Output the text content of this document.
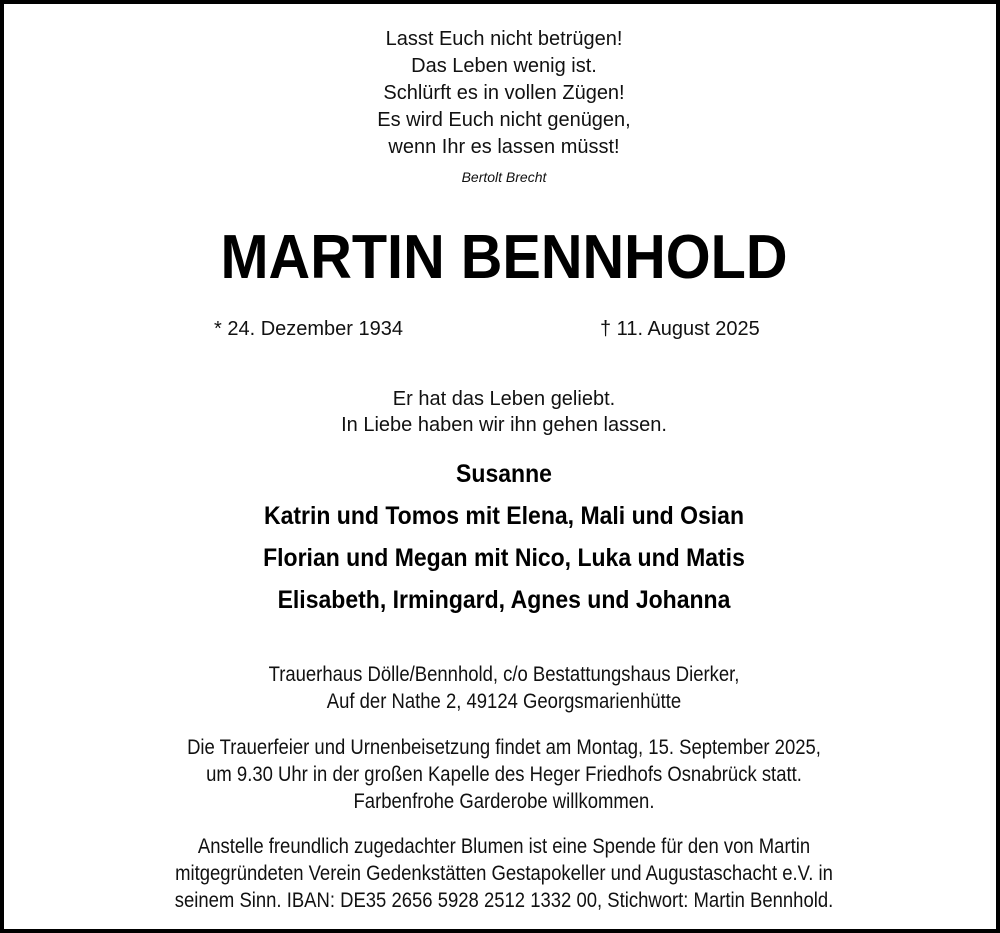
Lasst Euch nicht betrügen!
Das Leben wenig ist.
Schlürft es in vollen Zügen!
Es wird Euch nicht genügen,
wenn Ihr es lassen müsst!
Bertolt Brecht
MARTIN BENNHOLD
* 24. Dezember 1934	† 11. August 2025
Er hat das Leben geliebt.
In Liebe haben wir ihn gehen lassen.
Susanne
Katrin und Tomos mit Elena, Mali und Osian
Florian und Megan mit Nico, Luka und Matis
Elisabeth, Irmingard, Agnes und Johanna
Trauerhaus Dölle/Bennhold, c/o Bestattungshaus Dierker,
Auf der Nathe 2, 49124 Georgsmarienhütte
Die Trauerfeier und Urnenbeisetzung findet am Montag, 15. September 2025,
um 9.30 Uhr in der großen Kapelle des Heger Friedhofs Osnabrück statt.
Farbenfrohe Garderobe willkommen.
Anstelle freundlich zugedachter Blumen ist eine Spende für den von Martin
mitgegründeten Verein Gedenkstätten Gestapokeller und Augustaschacht e.V. in
seinem Sinn. IBAN: DE35 2656 5928 2512 1332 00, Stichwort: Martin Bennhold.
